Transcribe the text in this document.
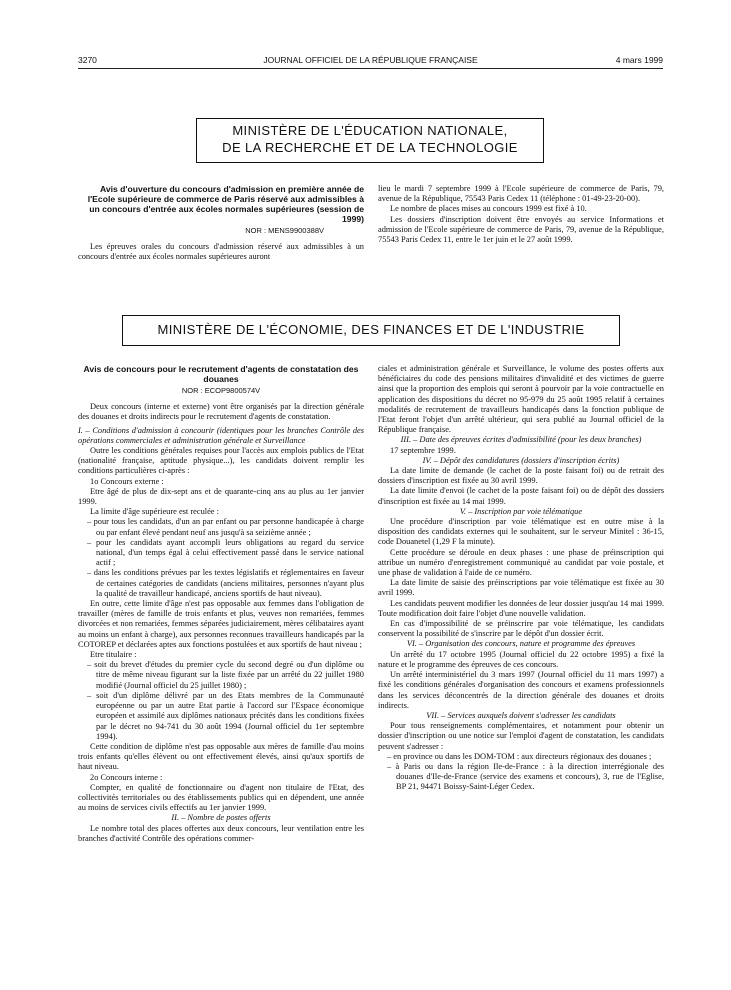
3270	JOURNAL OFFICIEL DE LA RÉPUBLIQUE FRANÇAISE	4 mars 1999
MINISTÈRE DE L'ÉDUCATION NATIONALE,
DE LA RECHERCHE ET DE LA TECHNOLOGIE
Avis d'ouverture du concours d'admission en première année de l'Ecole supérieure de commerce de Paris réservé aux admissibles à un concours d'entrée aux écoles normales supérieures (session de 1999)
NOR : MENS9900388V

Les épreuves orales du concours d'admission réservé aux admissibles à un concours d'entrée aux écoles normales supérieures auront

lieu le mardi 7 septembre 1999 à l'Ecole supérieure de commerce de Paris, 79, avenue de la République, 75543 Paris Cedex 11 (téléphone : 01-49-23-20-00).

Le nombre de places mises au concours 1999 est fixé à 10.

Les dossiers d'inscription doivent être envoyés au service Informations et admission de l'Ecole supérieure de commerce de Paris, 79, avenue de la République, 75543 Paris Cedex 11, entre le 1er juin et le 27 août 1999.

MINISTÈRE DE L'ÉCONOMIE, DES FINANCES ET DE L'INDUSTRIE
Avis de concours pour le recrutement d'agents de constatation des douanes
NOR : ECOP9800574V

Deux concours (interne et externe) vont être organisés par la direction générale des douanes et droits indirects pour le recrutement d'agents de constatation.

I. – Conditions d'admission à concourir (identiques pour les branches Contrôle des opérations commerciales et administration générale et Surveillance

Outre les conditions générales requises pour l'accès aux emplois publics de l'Etat (nationalité française, aptitude physique...), les candidats doivent remplir les conditions particulières ci-après :

1o Concours externe :

Etre âgé de plus de dix-sept ans et de quarante-cinq ans au plus au 1er janvier 1999.

La limite d'âge supérieure est reculée :

– pour tous les candidats, d'un an par enfant ou par personne handicapée à charge ou par enfant élevé pendant neuf ans jusqu'à sa seizième année ;

– pour les candidats ayant accompli leurs obligations au regard du service national, d'un temps égal à celui effectivement passé dans le service national actif ;

– dans les conditions prévues par les textes législatifs et réglementaires en faveur de certaines catégories de candidats (anciens militaires, personnes n'ayant plus la qualité de travailleur handicapé, anciens sportifs de haut niveau).

En outre, cette limite d'âge n'est pas opposable aux femmes dans l'obligation de travailler (mères de famille de trois enfants et plus, veuves non remariées, femmes divorcées et non remariées, femmes séparées judiciairement, mères célibataires ayant au moins un enfant à charge), aux personnes reconnues travailleurs handicapés par la COTOREP et déclarées aptes aux fonctions postulées et aux sportifs de haut niveau ;

Etre titulaire :

– soit du brevet d'études du premier cycle du second degré ou d'un diplôme ou titre de même niveau figurant sur la liste fixée par un arrêté du 22 juillet 1980 modifié (Journal officiel du 25 juillet 1980) ;

– soit d'un diplôme délivré par un des Etats membres de la Communauté européenne ou par un autre Etat partie à l'accord sur l'Espace économique européen et assimilé aux diplômes nationaux précités dans les conditions fixées par le décret no 94-741 du 30 août 1994 (Journal officiel du 1er septembre 1994).

Cette condition de diplôme n'est pas opposable aux mères de famille d'au moins trois enfants qu'elles élèvent ou ont effectivement élevés, ainsi qu'aux sportifs de haut niveau.

2o Concours interne :

Compter, en qualité de fonctionnaire ou d'agent non titulaire de l'Etat, des collectivités territoriales ou des établissements publics qui en dépendent, une année au moins de services civils effectifs au 1er janvier 1999.

II. – Nombre de postes offerts

Le nombre total des places offertes aux deux concours, leur ventilation entre les branches d'activité Contrôle des opérations commer-

ciales et administration générale et Surveillance, le volume des postes offerts aux bénéficiaires du code des pensions militaires d'invalidité et des victimes de guerre ainsi que la proportion des emplois qui seront à pourvoir par la voie contractuelle en application des dispositions du décret no 95-979 du 25 août 1995 relatif à certaines modalités de recrutement de travailleurs handicapés dans la fonction publique de l'Etat feront l'objet d'un arrêté ultérieur, qui sera publié au Journal officiel de la République française.

III. – Date des épreuves écrites d'admissibilité (pour les deux branches)

17 septembre 1999.

IV. – Dépôt des candidatures (dossiers d'inscription écrits)

La date limite de demande (le cachet de la poste faisant foi) ou de retrait des dossiers d'inscription est fixée au 30 avril 1999.

La date limite d'envoi (le cachet de la poste faisant foi) ou de dépôt des dossiers d'inscription est fixée au 14 mai 1999.

V. – Inscription par voie télématique

Une procédure d'inscription par voie télématique est en outre mise à la disposition des candidats externes qui le souhaitent, sur le serveur Minitel : 36-15, code Douanetel (1,29 F la minute).

Cette procédure se déroule en deux phases : une phase de préinscription qui attribue un numéro d'enregistrement communiqué au candidat par voie postale, et une phase de validation à l'aide de ce numéro.

La date limite de saisie des préinscriptions par voie télématique est fixée au 30 avril 1999.

Les candidats peuvent modifier les données de leur dossier jusqu'au 14 mai 1999. Toute modification doit faire l'objet d'une nouvelle validation.

En cas d'impossibilité de se préinscrire par voie télématique, les candidats conservent la possibilité de s'inscrire par le dépôt d'un dossier écrit.

VI. – Organisation des concours, nature et programme des épreuves

Un arrêté du 17 octobre 1995 (Journal officiel du 22 octobre 1995) a fixé la nature et le programme des épreuves de ces concours.

Un arrêté interministériel du 3 mars 1997 (Journal officiel du 11 mars 1997) a fixé les conditions générales d'organisation des concours et examens professionnels dans les services déconcentrés de la direction générale des douanes et droits indirects.

VII. – Services auxquels doivent s'adresser les candidats

Pour tous renseignements complémentaires, et notamment pour obtenir un dossier d'inscription ou une notice sur l'emploi d'agent de constatation, les candidats peuvent s'adresser :

– en province ou dans les DOM-TOM : aux directeurs régionaux des douanes ;

– à Paris ou dans la région Ile-de-France : à la direction interrégionale des douanes d'Ile-de-France (service des examens et concours), 3, rue de l'Eglise, BP 21, 94471 Boissy-Saint-Léger Cedex.
